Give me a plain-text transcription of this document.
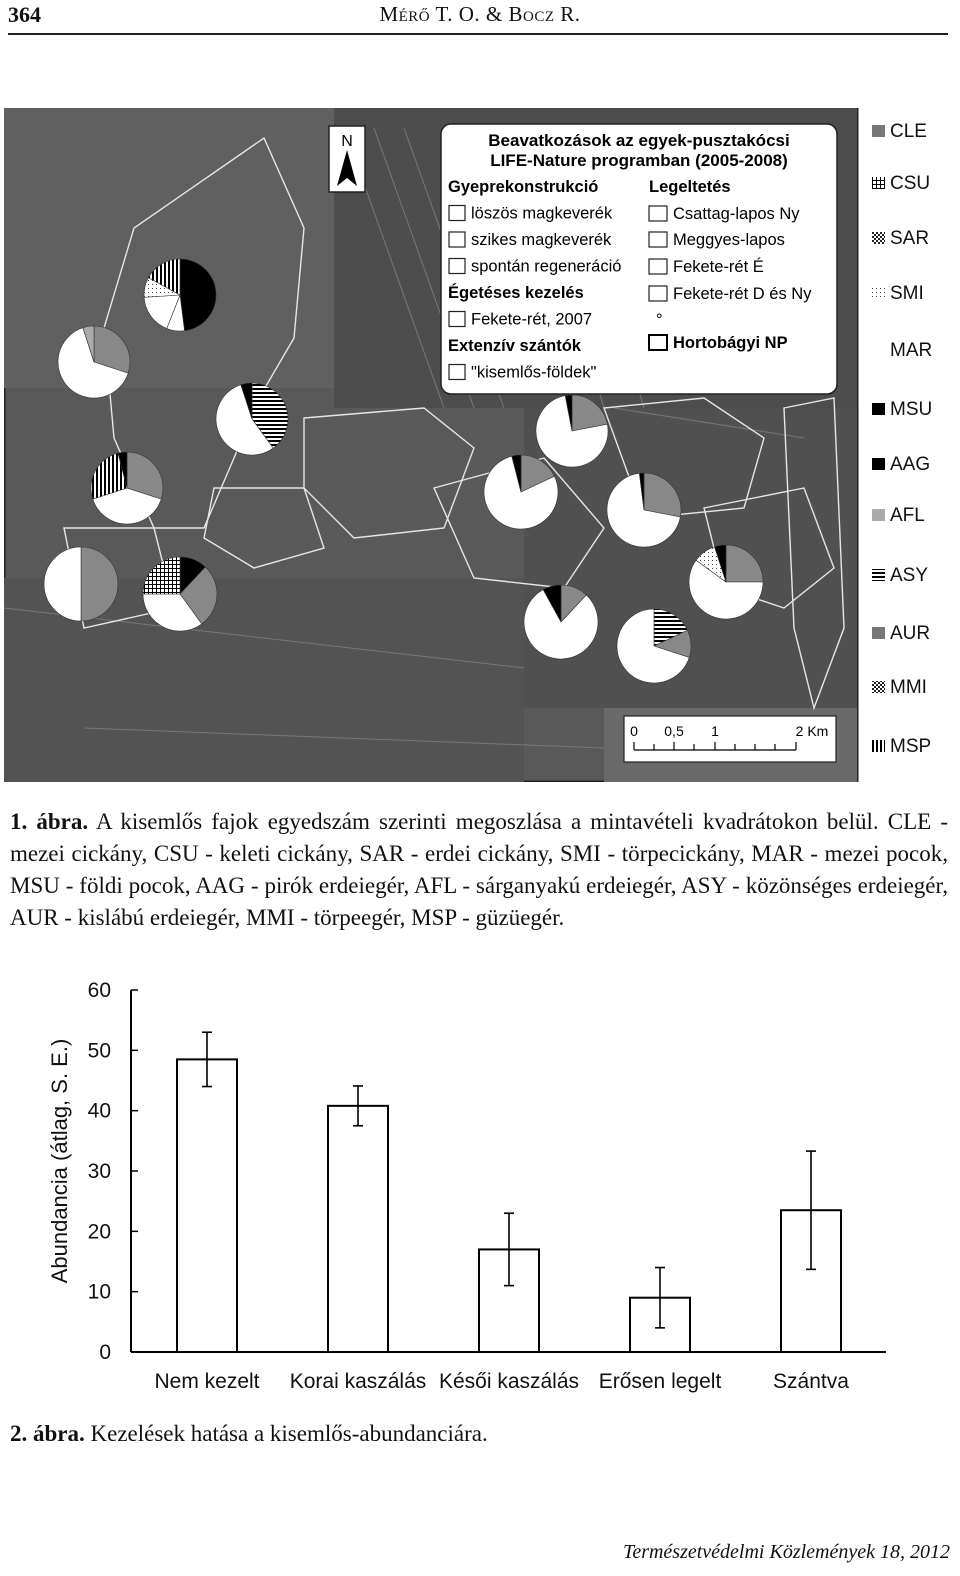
364	Mérő T. O. & Bocz R.
N	Beavatkozások az egyek-pusztakócsi
LIFE-Nature programban (2005-2008)
Gyeprekonstrukció
löszös magkeverék
szikes magkeverék
spontán regeneráció
Égetéses kezelés
Fekete-rét, 2007
Extenzív szántók
"kisemlős-földek"
Legeltetés
Csattag-lapos Ny
Meggyes-lapos
Fekete-rét É
Fekete-rét D és Ny
°
Hortobágyi NP
0 0,5 1	2 Km
CLE
CSU
SAR
SMI
MAR
MSU
AAG
AFL
ASY
AUR
MMI
MSP
1. ábra. A kisemlős fajok egyedszám szerinti megoszlása a mintavételi kvadrátokon belül. CLE - mezei cickány, CSU - keleti cickány, SAR - erdei cickány, SMI - törpecickány, MAR - mezei pocok, MSU - földi pocok, AAG - pirók erdeiegér, AFL - sárganyakú erdeiegér, ASY - közönséges erdeiegér, AUR - kislábú erdeiegér, MMI - törpeegér, MSP - güzüegér.
0
10
20
30
40
50
60
Abundancia (átlag, S. E.)
Nem kezelt Korai kaszálás Késői kaszálás Erősen legelt Szántva
2. ábra. Kezelések hatása a kisemlős-abundanciára.
Természetvédelmi Közlemények 18, 2012
